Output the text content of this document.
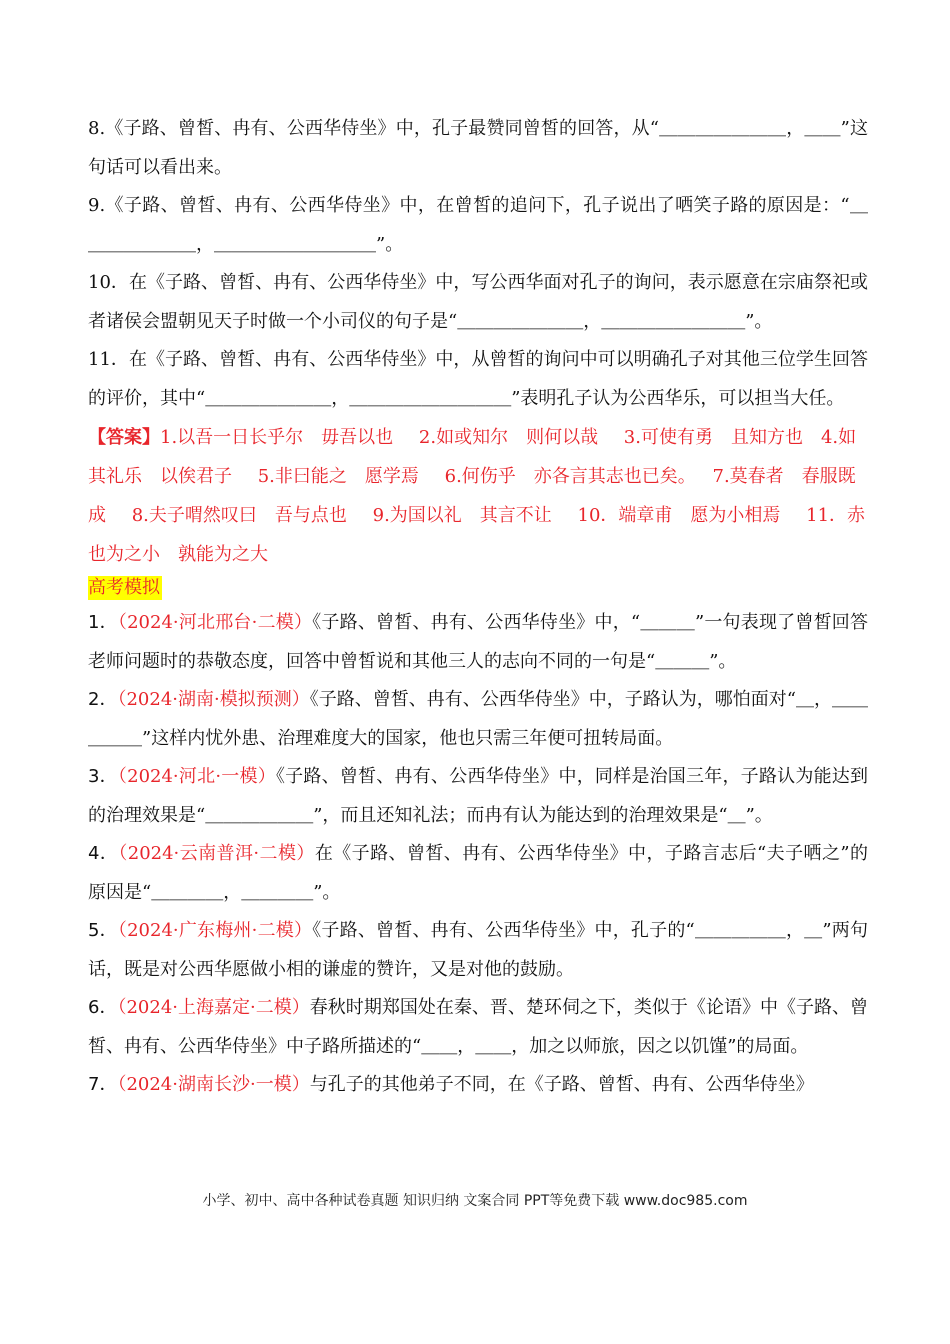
8.《子路、曾皙、冉有、公西华侍坐》中，孔子最赞同曾皙的回答，从“＿＿＿＿＿＿＿，＿＿”这句话可以看出来。

9.《子路、曾皙、冉有、公西华侍坐》中，在曾皙的追问下，孔子说出了哂笑子路的原因是：“＿＿＿＿＿＿＿，＿＿＿＿＿＿＿＿＿”。

10．在《子路、曾皙、冉有、公西华侍坐》中，写公西华面对孔子的询问，表示愿意在宗庙祭祀或者诸侯会盟朝见天子时做一个小司仪的句子是“＿＿＿＿＿＿＿，＿＿＿＿＿＿＿＿”。

11．在《子路、曾皙、冉有、公西华侍坐》中，从曾皙的询问中可以明确孔子对其他三位学生回答的评价，其中“＿＿＿＿＿＿＿，＿＿＿＿＿＿＿＿＿”表明孔子认为公西华乐，可以担当大任。

【答案】1.以吾一日长乎尔　毋吾以也　 2.如或知尔　则何以哉　 3.可使有勇　且知方也　4.如其礼乐　以俟君子　 5.非曰能之　愿学焉　 6.何伤乎　亦各言其志也已矣。　 7.莫春者　春服既成　 8.夫子喟然叹曰　吾与点也　 9.为国以礼　其言不让　 10．端章甫　愿为小相焉　 11．赤也为之小　孰能为之大

高考模拟

1．（2024·河北邢台·二模）《子路、曾皙、冉有、公西华侍坐》中，“＿＿＿”一句表现了曾皙回答老师问题时的恭敬态度，回答中曾皙说和其他三人的志向不同的一句是“＿＿＿”。

2．（2024·湖南·模拟预测）《子路、曾皙、冉有、公西华侍坐》中，子路认为，哪怕面对“＿，＿＿＿＿＿”这样内忧外患、治理难度大的国家，他也只需三年便可扭转局面。

3．（2024·河北·一模）《子路、曾皙、冉有、公西华侍坐》中，同样是治国三年，子路认为能达到的治理效果是“＿＿＿＿＿＿”，而且还知礼法；而冉有认为能达到的治理效果是“＿”。

4．（2024·云南普洱·二模）在《子路、曾皙、冉有、公西华侍坐》中，子路言志后“夫子哂之”的原因是“＿＿＿＿，＿＿＿＿”。

5．（2024·广东梅州·二模）《子路、曾皙、冉有、公西华侍坐》中，孔子的“＿＿＿＿＿，＿”两句话，既是对公西华愿做小相的谦虚的赞许，又是对他的鼓励。

6．（2024·上海嘉定·二模）春秋时期郑国处在秦、晋、楚环伺之下，类似于《论语》中《子路、曾皙、冉有、公西华侍坐》中子路所描述的“＿＿，＿＿，加之以师旅，因之以饥馑”的局面。

7．（2024·湖南长沙·一模）与孔子的其他弟子不同，在《子路、曾皙、冉有、公西华侍坐》

小学、初中、高中各种试卷真题 知识归纳 文案合同 PPT等免费下载 www.doc985.com
